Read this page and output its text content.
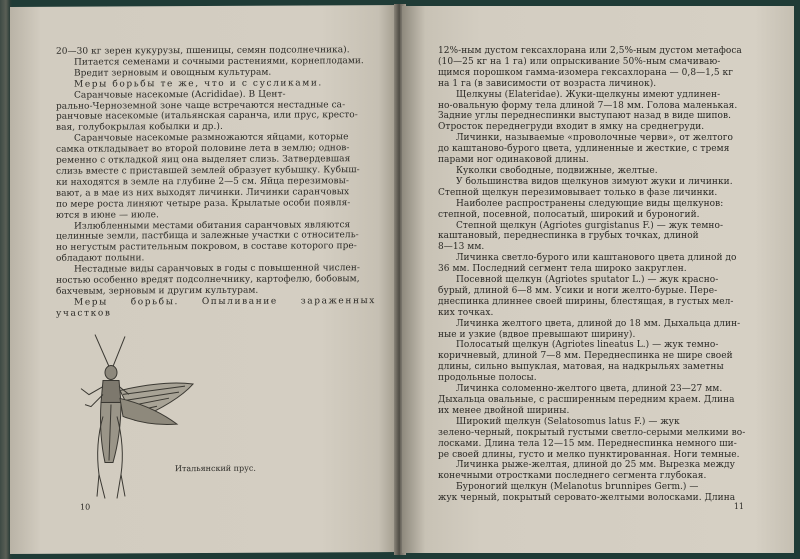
20—30 кг зерен кукурузы, пшеницы, семян подсолнечника).

Питается семенами и сочными растениями, корнеплодами.

Вредит зерновым и овощным культурам.

Меры борьбы те же, что и с сусликами.

Саранчовые насекомые (Acrididae). В Цент-

рально-Черноземной зоне чаще встречаются нестадные са-

ранчовые насекомые (итальянская саранча, или прус, кресто-

вая, голубокрылая кобылки и др.).

Саранчовые насекомые размножаются яйцами, которые

самка откладывает во второй половине лета в землю; однов-

ременно с откладкой яиц она выделяет слизь. Затвердевшая

слизь вместе с приставшей землей образует кубышку. Кубыш-

ки находятся в земле на глубине 2—5 см. Яйца перезимовы-

вают, а в мае из них выходят личинки. Личинки саранчовых

по мере роста линяют четыре раза. Крылатые особи появля-

ются в июне — июле.

Излюбленными местами обитания саранчовых являются

целинные земли, пастбища и залежные участки с относитель-

но негустым растительным покровом, в составе которого пре-

обладают полыни.

Нестадные виды саранчовых в годы с повышенной числен-

ностью особенно вредят подсолнечнику, картофелю, бобовым,

бахчевым, зерновым и другим культурам.

Меры борьбы. Опыливание зараженных участков

Итальянский прус.
10

12%-ным дустом гексахлорана или 2,5%-ным дустом метафоса

(10—25 кг на 1 га) или опрыскивание 50%-ным смачиваю-

щимся порошком гамма-изомера гексахлорана — 0,8—1,5 кг

на 1 га (в зависимости от возраста личинок).

Щелкуны (Elateridae). Жуки-щелкуны имеют удлинен-

но-овальную форму тела длиной 7—18 мм. Голова маленькая.

Задние углы переднеспинки выступают назад в виде шипов.

Отросток переднегруди входит в ямку на среднегруди.

Личинки, называемые «проволочные черви», от желтого

до каштаново-бурого цвета, удлиненные и жесткие, с тремя

парами ног одинаковой длины.

Куколки свободные, подвижные, желтые.

У большинства видов щелкунов зимуют жуки и личинки.

Степной щелкун перезимовывает только в фазе личинки.

Наиболее распространены следующие виды щелкунов:

степной, посевной, полосатый, широкий и буроногий.

Степной щелкун (Agriotes gurgistanus F.) — жук темно-

каштановый, переднеспинка в грубых точках, длиной

8—13 мм.

Личинка светло-бурого или каштанового цвета длиной до

36 мм. Последний сегмент тела широко закруглен.

Посевной щелкун (Agriotes sputator L.) — жук красно-

бурый, длиной 6—8 мм. Усики и ноги желто-бурые. Пере-

днеспинка длиннее своей ширины, блестящая, в густых мел-

ких точках.

Личинка желтого цвета, длиной до 18 мм. Дыхальца длин-

ные и узкие (вдвое превышают ширину).

Полосатый щелкун (Agriotes lineatus L.) — жук темно-

коричневый, длиной 7—8 мм. Переднеспинка не шире своей

длины, сильно выпуклая, матовая, на надкрыльях заметны

продольные полосы.

Личинка соломенно-желтого цвета, длиной 23—27 мм.

Дыхальца овальные, с расширенным передним краем. Длина

их менее двойной ширины.

Широкий щелкун (Selatosomus latus F.) — жук

зелено-черный, покрытый густыми светло-серыми мелкими во-

лосками. Длина тела 12—15 мм. Переднеспинка немного ши-

ре своей длины, густо и мелко пунктированная. Ноги темные.

Личинка рыже-желтая, длиной до 25 мм. Вырезка между

конечными отростками последнего сегмента глубокая.

Буроногий щелкун (Melanotus brunnipes Germ.) —

жук черный, покрытый серовато-желтыми волосками. Длина

11
